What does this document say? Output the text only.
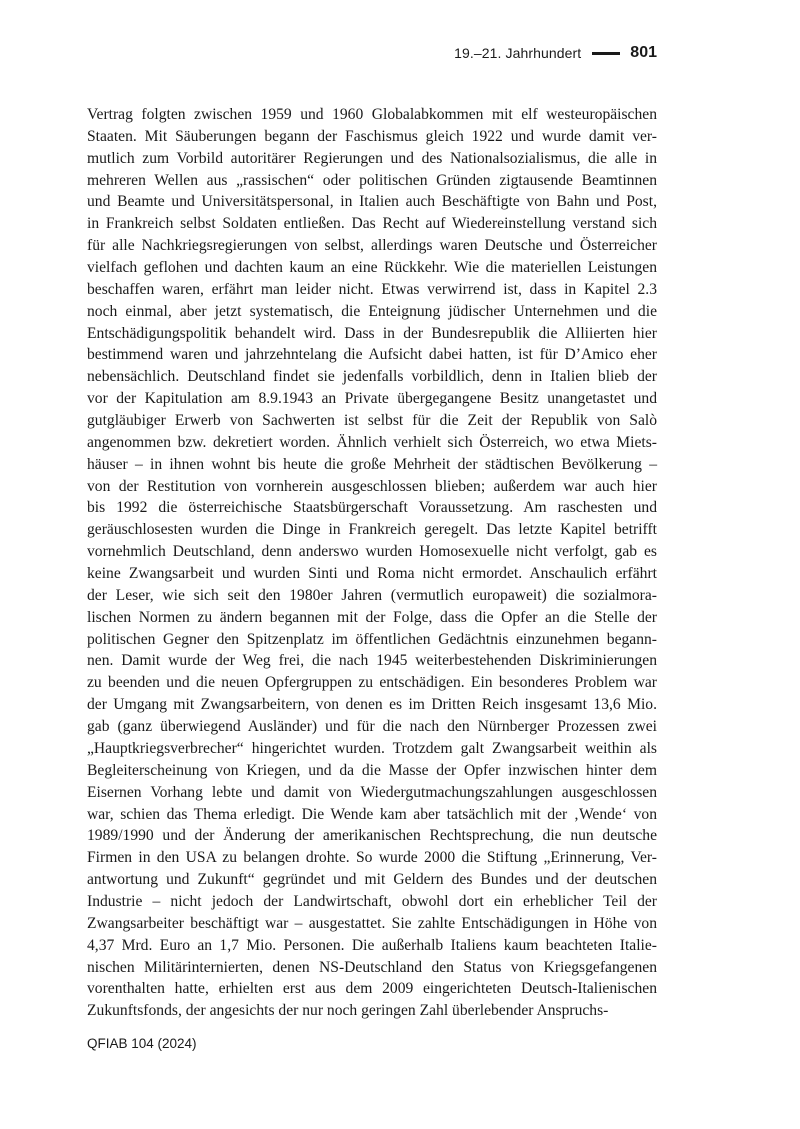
19.–21. Jahrhundert	801
Vertrag folgten zwischen 1959 und 1960 Globalabkommen mit elf westeuropäischen
Staaten. Mit Säuberungen begann der Faschismus gleich 1922 und wurde damit ver-
mutlich zum Vorbild autoritärer Regierungen und des Nationalsozialismus, die alle in
mehreren Wellen aus „rassischen“ oder politischen Gründen zigtausende Beamtinnen
und Beamte und Universitätspersonal, in Italien auch Beschäftigte von Bahn und Post,
in Frankreich selbst Soldaten entließen. Das Recht auf Wiedereinstellung verstand sich
für alle Nachkriegsregierungen von selbst, allerdings waren Deutsche und Österreicher
vielfach geflohen und dachten kaum an eine Rückkehr. Wie die materiellen Leistungen
beschaffen waren, erfährt man leider nicht. Etwas verwirrend ist, dass in Kapitel 2.3
noch einmal, aber jetzt systematisch, die Enteignung jüdischer Unternehmen und die
Entschädigungspolitik behandelt wird. Dass in der Bundesrepublik die Alliierten hier
bestimmend waren und jahrzehntelang die Aufsicht dabei hatten, ist für D’Amico eher
nebensächlich. Deutschland findet sie jedenfalls vorbildlich, denn in Italien blieb der
vor der Kapitulation am 8.9.1943 an Private übergegangene Besitz unangetastet und
gutgläubiger Erwerb von Sachwerten ist selbst für die Zeit der Republik von Salò
angenommen bzw. dekretiert worden. Ähnlich verhielt sich Österreich, wo etwa Miets-
häuser – in ihnen wohnt bis heute die große Mehrheit der städtischen Bevölkerung –
von der Restitution von vornherein ausgeschlossen blieben; außerdem war auch hier
bis 1992 die österreichische Staatsbürgerschaft Voraussetzung. Am raschesten und
geräuschlosesten wurden die Dinge in Frankreich geregelt. Das letzte Kapitel betrifft
vornehmlich Deutschland, denn anderswo wurden Homosexuelle nicht verfolgt, gab es
keine Zwangsarbeit und wurden Sinti und Roma nicht ermordet. Anschaulich erfährt
der Leser, wie sich seit den 1980er Jahren (vermutlich europaweit) die sozialmora-
lischen Normen zu ändern begannen mit der Folge, dass die Opfer an die Stelle der
politischen Gegner den Spitzenplatz im öffentlichen Gedächtnis einzunehmen begann-
nen. Damit wurde der Weg frei, die nach 1945 weiterbestehenden Diskriminierungen
zu beenden und die neuen Opfergruppen zu entschädigen. Ein besonderes Problem war
der Umgang mit Zwangsarbeitern, von denen es im Dritten Reich insgesamt 13,6 Mio.
gab (ganz überwiegend Ausländer) und für die nach den Nürnberger Prozessen zwei
„Hauptkriegsverbrecher“ hingerichtet wurden. Trotzdem galt Zwangsarbeit weithin als
Begleiterscheinung von Kriegen, und da die Masse der Opfer inzwischen hinter dem
Eisernen Vorhang lebte und damit von Wiedergutmachungszahlungen ausgeschlossen
war, schien das Thema erledigt. Die Wende kam aber tatsächlich mit der ‚Wende‘ von
1989/1990 und der Änderung der amerikanischen Rechtsprechung, die nun deutsche
Firmen in den USA zu belangen drohte. So wurde 2000 die Stiftung „Erinnerung, Ver-
antwortung und Zukunft“ gegründet und mit Geldern des Bundes und der deutschen
Industrie – nicht jedoch der Landwirtschaft, obwohl dort ein erheblicher Teil der
Zwangsarbeiter beschäftigt war – ausgestattet. Sie zahlte Entschädigungen in Höhe von
4,37 Mrd. Euro an 1,7 Mio. Personen. Die außerhalb Italiens kaum beachteten Italie-
nischen Militärinternierten, denen NS-Deutschland den Status von Kriegsgefangenen
vorenthalten hatte, erhielten erst aus dem 2009 eingerichteten Deutsch-Italienischen
Zukunftsfonds, der angesichts der nur noch geringen Zahl überlebender Anspruchs-
QFIAB 104 (2024)
